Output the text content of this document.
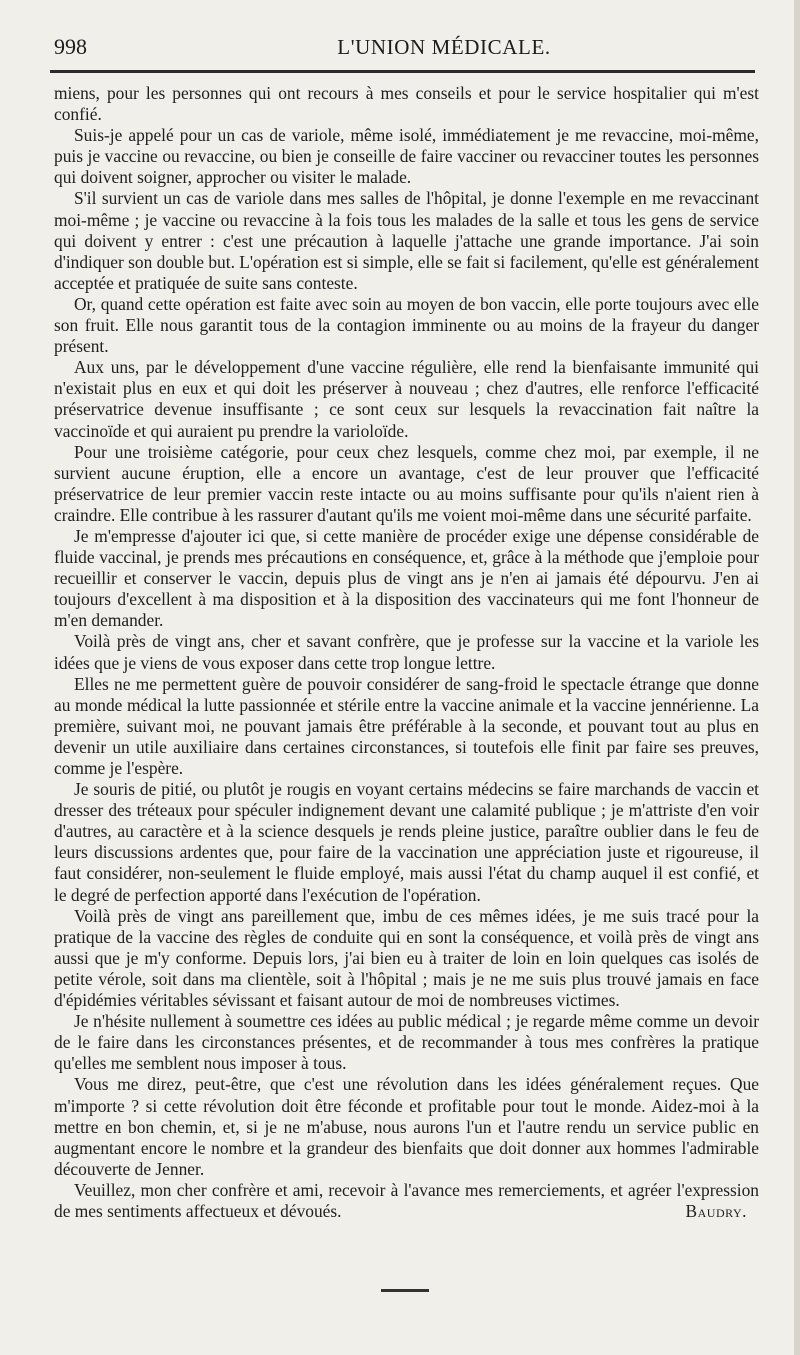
998	L'UNION MÉDICALE.

miens, pour les personnes qui ont recours à mes conseils et pour le service hospitalier qui m'est confié.

Suis-je appelé pour un cas de variole, même isolé, immédiatement je me revaccine, moi-même, puis je vaccine ou revaccine, ou bien je conseille de faire vacciner ou revacciner toutes les personnes qui doivent soigner, approcher ou visiter le malade.

S'il survient un cas de variole dans mes salles de l'hôpital, je donne l'exemple en me revaccinant moi-même ; je vaccine ou revaccine à la fois tous les malades de la salle et tous les gens de service qui doivent y entrer : c'est une précaution à laquelle j'attache une grande importance. J'ai soin d'indiquer son double but. L'opération est si simple, elle se fait si facilement, qu'elle est généralement acceptée et pratiquée de suite sans conteste.

Or, quand cette opération est faite avec soin au moyen de bon vaccin, elle porte toujours avec elle son fruit. Elle nous garantit tous de la contagion imminente ou au moins de la frayeur du danger présent.

Aux uns, par le développement d'une vaccine régulière, elle rend la bienfaisante immunité qui n'existait plus en eux et qui doit les préserver à nouveau ; chez d'autres, elle renforce l'efficacité préservatrice devenue insuffisante ; ce sont ceux sur lesquels la revaccination fait naître la vaccinoïde et qui auraient pu prendre la varioloïde.

Pour une troisième catégorie, pour ceux chez lesquels, comme chez moi, par exemple, il ne survient aucune éruption, elle a encore un avantage, c'est de leur prouver que l'efficacité préservatrice de leur premier vaccin reste intacte ou au moins suffisante pour qu'ils n'aient rien à craindre. Elle contribue à les rassurer d'autant qu'ils me voient moi-même dans une sécurité parfaite.

Je m'empresse d'ajouter ici que, si cette manière de procéder exige une dépense considérable de fluide vaccinal, je prends mes précautions en conséquence, et, grâce à la méthode que j'emploie pour recueillir et conserver le vaccin, depuis plus de vingt ans je n'en ai jamais été dépourvu. J'en ai toujours d'excellent à ma disposition et à la disposition des vaccinateurs qui me font l'honneur de m'en demander.

Voilà près de vingt ans, cher et savant confrère, que je professe sur la vaccine et la variole les idées que je viens de vous exposer dans cette trop longue lettre.

Elles ne me permettent guère de pouvoir considérer de sang-froid le spectacle étrange que donne au monde médical la lutte passionnée et stérile entre la vaccine animale et la vaccine jennérienne. La première, suivant moi, ne pouvant jamais être préférable à la seconde, et pouvant tout au plus en devenir un utile auxiliaire dans certaines circonstances, si toutefois elle finit par faire ses preuves, comme je l'espère.

Je souris de pitié, ou plutôt je rougis en voyant certains médecins se faire marchands de vaccin et dresser des tréteaux pour spéculer indignement devant une calamité publique ; je m'attriste d'en voir d'autres, au caractère et à la science desquels je rends pleine justice, paraître oublier dans le feu de leurs discussions ardentes que, pour faire de la vaccination une appréciation juste et rigoureuse, il faut considérer, non-seulement le fluide employé, mais aussi l'état du champ auquel il est confié, et le degré de perfection apporté dans l'exécution de l'opération.

Voilà près de vingt ans pareillement que, imbu de ces mêmes idées, je me suis tracé pour la pratique de la vaccine des règles de conduite qui en sont la conséquence, et voilà près de vingt ans aussi que je m'y conforme. Depuis lors, j'ai bien eu à traiter de loin en loin quelques cas isolés de petite vérole, soit dans ma clientèle, soit à l'hôpital ; mais je ne me suis plus trouvé jamais en face d'épidémies véritables sévissant et faisant autour de moi de nombreuses victimes.

Je n'hésite nullement à soumettre ces idées au public médical ; je regarde même comme un devoir de le faire dans les circonstances présentes, et de recommander à tous mes confrères la pratique qu'elles me semblent nous imposer à tous.

Vous me direz, peut-être, que c'est une révolution dans les idées généralement reçues. Que m'importe ? si cette révolution doit être féconde et profitable pour tout le monde. Aidez-moi à la mettre en bon chemin, et, si je ne m'abuse, nous aurons l'un et l'autre rendu un service public en augmentant encore le nombre et la grandeur des bienfaits que doit donner aux hommes l'admirable découverte de Jenner.

Veuillez, mon cher confrère et ami, recevoir à l'avance mes remerciements, et agréer l'expression de mes sentiments affectueux et dévoués.	Baudry.
